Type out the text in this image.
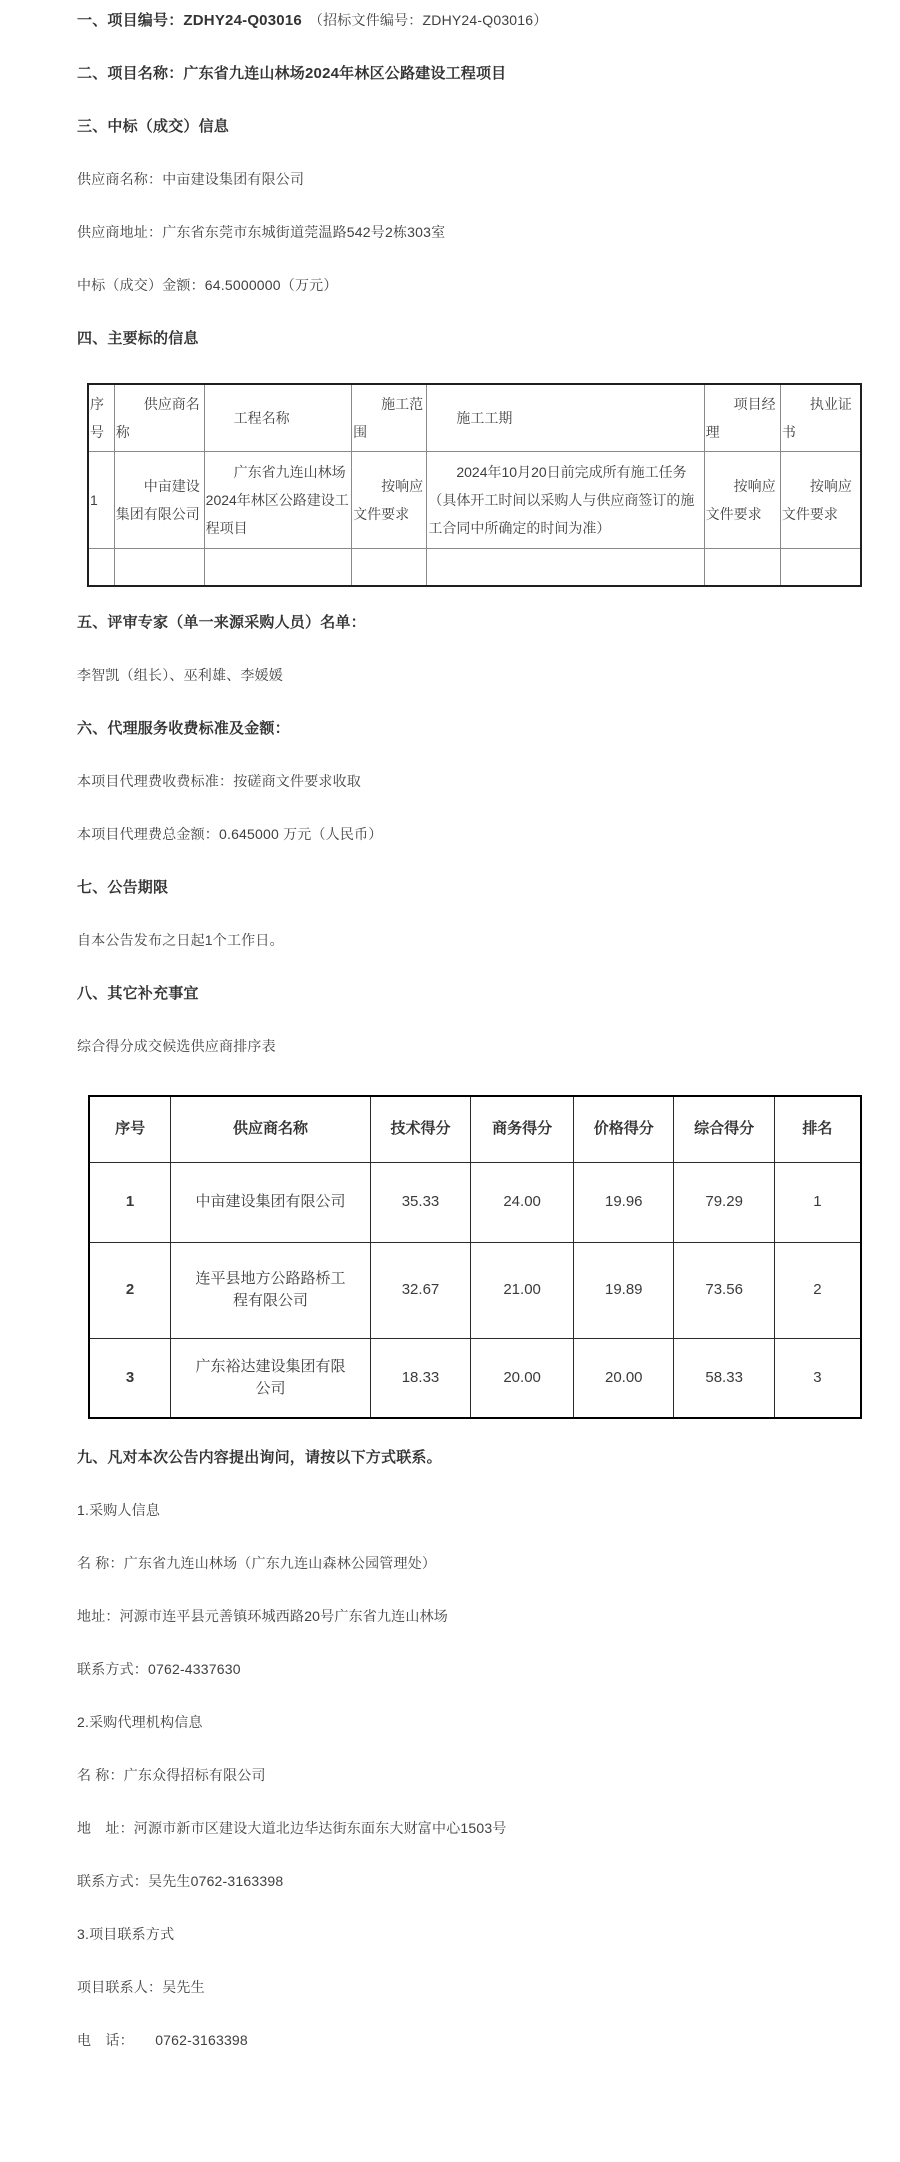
一、项目编号：ZDHY24-Q03016 （招标文件编号：ZDHY24-Q03016）
二、项目名称：广东省九连山林场2024年林区公路建设工程项目
三、中标（成交）信息

供应商名称：中亩建设集团有限公司

供应商地址：广东省东莞市东城街道莞温路542号2栋303室

中标（成交）金额：64.5000000（万元）

四、主要标的信息
序号	供应商名称	工程名称	施工范围	施工工期	项目经理	执业证书
1	中亩建设集团有限公司	广东省九连山林场2024年林区公路建设工程项目	按响应文件要求	2024年10月20日前完成所有施工任务（具体开工时间以采购人与供应商签订的施工合同中所确定的时间为准）	按响应文件要求	按响应文件要求

五、评审专家（单一来源采购人员）名单：

李智凯（组长）、巫利雄、李媛媛

六、代理服务收费标准及金额：

本项目代理费收费标准：按磋商文件要求收取

本项目代理费总金额：0.645000 万元（人民币）

七、公告期限

自本公告发布之日起1个工作日。

八、其它补充事宜

综合得分成交候选供应商排序表

序号	供应商名称	技术得分	商务得分	价格得分	综合得分	排名
1	中亩建设集团有限公司	35.33	24.00	19.96	79.29	1
2	连平县地方公路路桥工程有限公司	32.67	21.00	19.89	73.56	2
3	广东裕达建设集团有限公司	18.33	20.00	20.00	58.33	3
九、凡对本次公告内容提出询问，请按以下方式联系。

1.采购人信息

名 称：广东省九连山林场（广东九连山森林公园管理处）

地址：河源市连平县元善镇环城西路20号广东省九连山林场

联系方式：0762-4337630

2.采购代理机构信息

名 称：广东众得招标有限公司

地　址：河源市新市区建设大道北边华达街东面东大财富中心1503号

联系方式：吴先生0762-3163398

3.项目联系方式

项目联系人：吴先生

电　话：　　0762-3163398
